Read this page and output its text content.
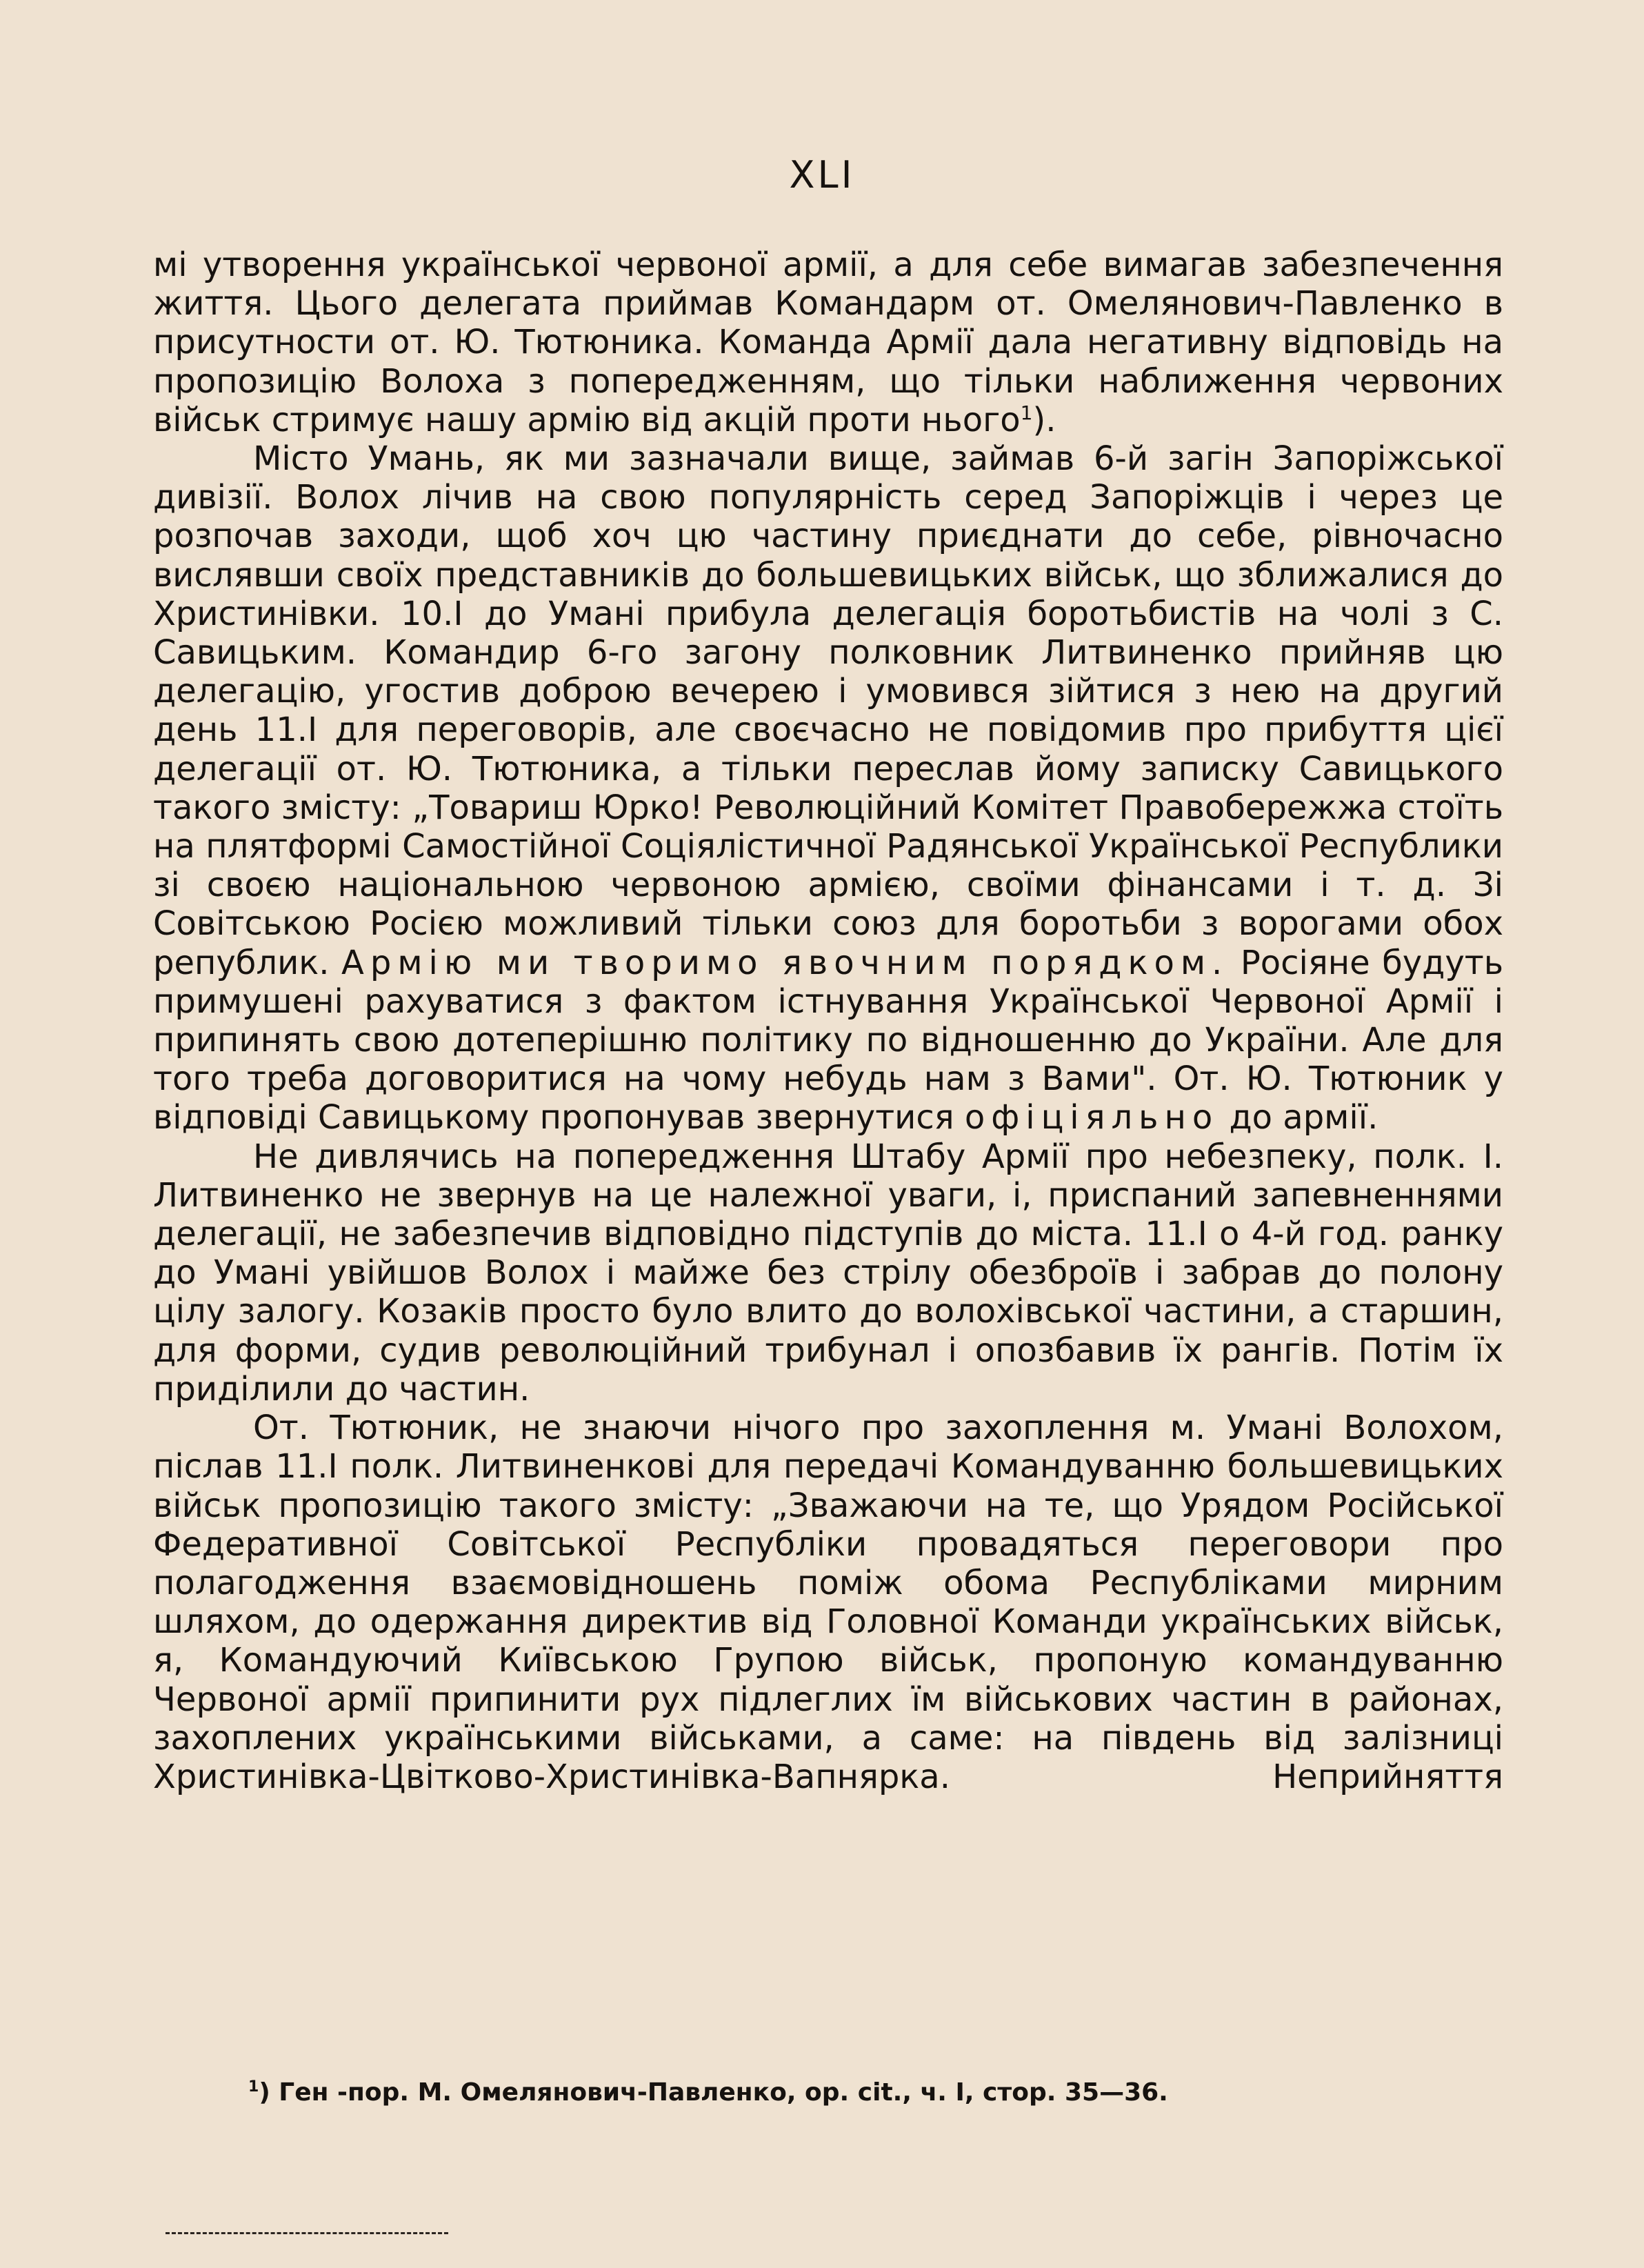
XLI

мі утворення української червоної армії, а для себе вимагав забезпечення життя. Цього делегата приймав Командарм от. Омелянович-Павленко в присутности от. Ю. Тютюника. Команда Армії дала негативну відповідь на пропозицію Волоха з попередженням, що тільки наближення червоних військ стримує нашу армію від акцій проти нього$^1$).

Місто Умань, як ми зазначали вище, займав 6-й загін Запоріжської дивізії. Волох лічив на свою популярність серед Запоріжців і через це розпочав заходи, щоб хоч цю частину приєднати до себе, рівночасно вислявши своїх представників до большевицьких військ, що зближалися до Христинівки. 10.І до Умані прибула делегація боротьбистів на чолі з С. Савицьким. Командир 6-го загону полковник Литвиненко прийняв цю делегацію, угостив доброю вечерею і умовився зійтися з нею на другий день 11.І для переговорів, але своєчасно не повідомив про прибуття цієї делегації от. Ю. Тютюника, а тільки переслав йому записку Савицького такого змісту: „Товариш Юрко! Революційний Комітет Правобережжа стоїть на плятформі Самостійної Соціялістичної Радянської Української Республики зі своєю національною червоною армією, своїми фінансами і т. д. Зі Совітською Росією можливий тільки союз для боротьби з ворогами обох републик. Армію ми творимо явочним порядком. Росіяне будуть примушені рахуватися з фактом істнування Української Червоної Армії і припинять свою дотеперішню політику по відношенню до України. Але для того треба договоритися на чому небудь нам з Вами". От. Ю. Тютюник у відповіді Савицькому пропонував звернутися офіціяльно до армії.

Не дивлячись на попередження Штабу Армії про небезпеку, полк. І. Литвиненко не звернув на це належної уваги, і, приспаний запевненнями делегації, не забезпечив відповідно підступів до міста. 11.І о 4-й год. ранку до Умані увійшов Волох і майже без стрілу обезброїв і забрав до полону цілу залогу. Козаків просто було влито до волохівської частини, а старшин, для форми, судив революційний трибунал і опозбавив їх рангів. Потім їх приділили до частин.

От. Тютюник, не знаючи нічого про захоплення м. Умані Волохом, післав 11.І полк. Литвиненкові для передачі Командуванню большевицьких військ пропозицію такого змісту: „Зважаючи на те, що Урядом Російської Федеративної Совітської Республіки провадяться переговори про полагодження взаємовідношень поміж обома Республіками мирним шляхом, до одержання директив від Головної Команди українських військ, я, Командуючий Київською Групою військ, пропоную командуванню Червоної армії припинити рух підлеглих їм військових частин в районах, захоплених українськими військами, а саме: на південь від залізниці Христинівка-Цвітково-Христинівка-Вапнярка. Неприйняття

$^1$) Ген -пор. М. Омелянович-Павленко, ор. cit., ч. І, стор. 35—36.
